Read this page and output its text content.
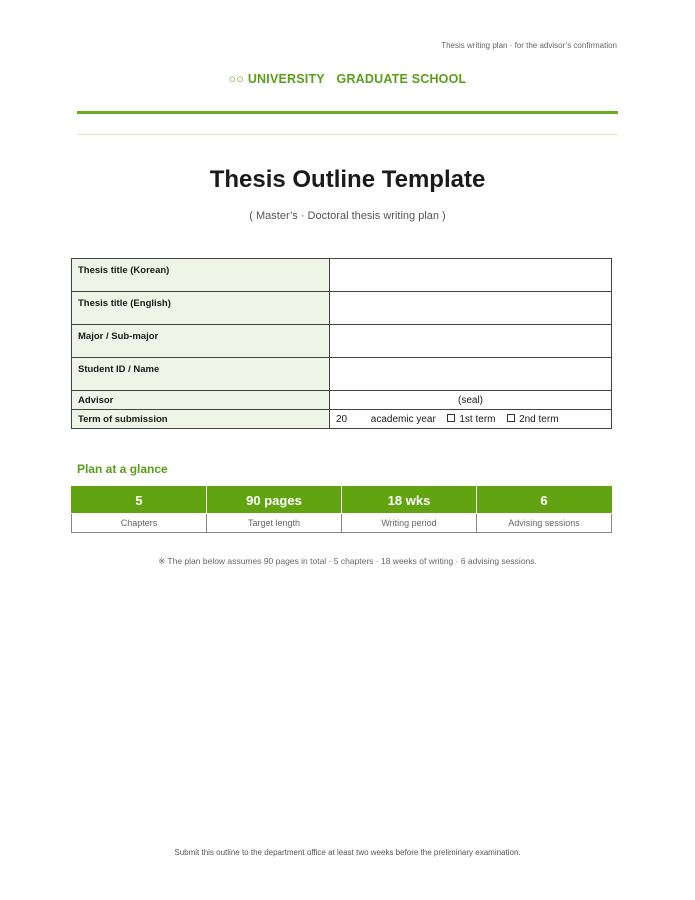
Thesis writing plan · for the advisor’s confirmation
○○ UNIVERSITY GRADUATE SCHOOL
Thesis Outline Template
( Master’s · Doctoral thesis writing plan )
Thesis title (Korean)	
Thesis title (English)	
Major / Sub-major	
Student ID / Name	
Advisor	(seal)
Term of submission	20 academic year 1st term 2nd term
Plan at a glance
5	90 pages	18 wks	6
Chapters	Target length	Writing period	Advising sessions
※ The plan below assumes 90 pages in total · 5 chapters · 18 weeks of writing · 6 advising sessions.
Submit this outline to the department office at least two weeks before the preliminary examination.
